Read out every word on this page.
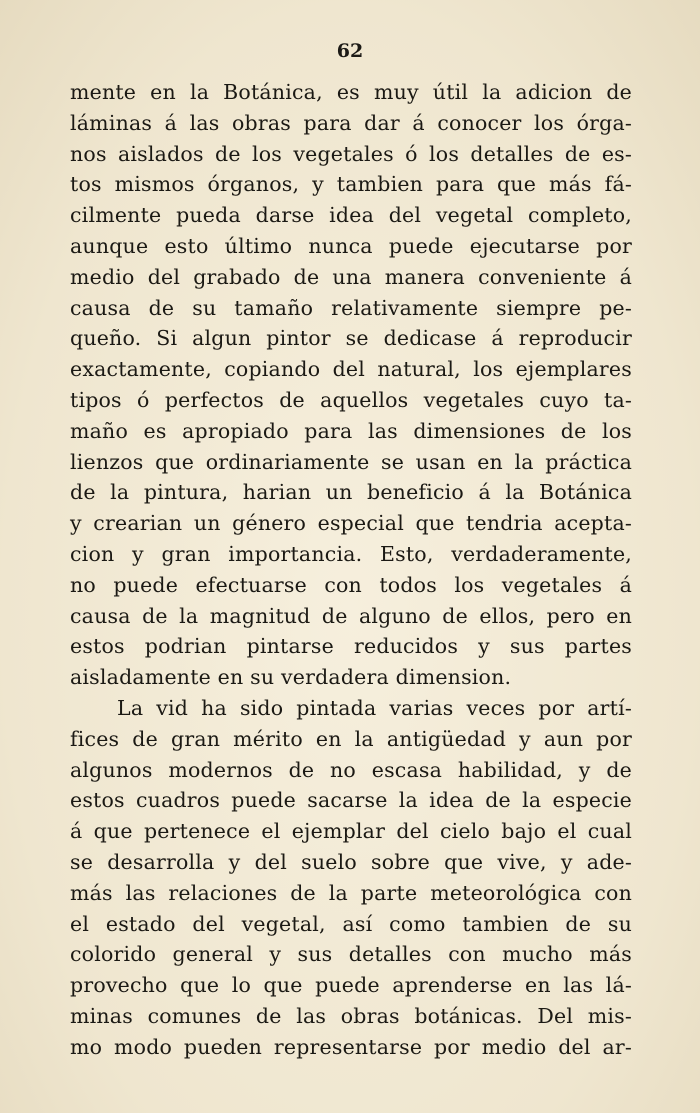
62
mente en la Botánica, es muy útil la adicion de
láminas á las obras para dar á conocer los órga-
nos aislados de los vegetales ó los detalles de es-
tos mismos órganos, y tambien para que más fá-
cilmente pueda darse idea del vegetal completo,
aunque esto último nunca puede ejecutarse por
medio del grabado de una manera conveniente á
causa de su tamaño relativamente siempre pe-
queño. Si algun pintor se dedicase á reproducir
exactamente, copiando del natural, los ejemplares
tipos ó perfectos de aquellos vegetales cuyo ta-
maño es apropiado para las dimensiones de los
lienzos que ordinariamente se usan en la práctica
de la pintura, harian un beneficio á la Botánica
y crearian un género especial que tendria acepta-
cion y gran importancia. Esto, verdaderamente,
no puede efectuarse con todos los vegetales á
causa de la magnitud de alguno de ellos, pero en
estos podrian pintarse reducidos y sus partes
aisladamente en su verdadera dimension.
La vid ha sido pintada varias veces por artí-
fices de gran mérito en la antigüedad y aun por
algunos modernos de no escasa habilidad, y de
estos cuadros puede sacarse la idea de la especie
á que pertenece el ejemplar del cielo bajo el cual
se desarrolla y del suelo sobre que vive, y ade-
más las relaciones de la parte meteorológica con
el estado del vegetal, así como tambien de su
colorido general y sus detalles con mucho más
provecho que lo que puede aprenderse en las lá-
minas comunes de las obras botánicas. Del mis-
mo modo pueden representarse por medio del ar-
